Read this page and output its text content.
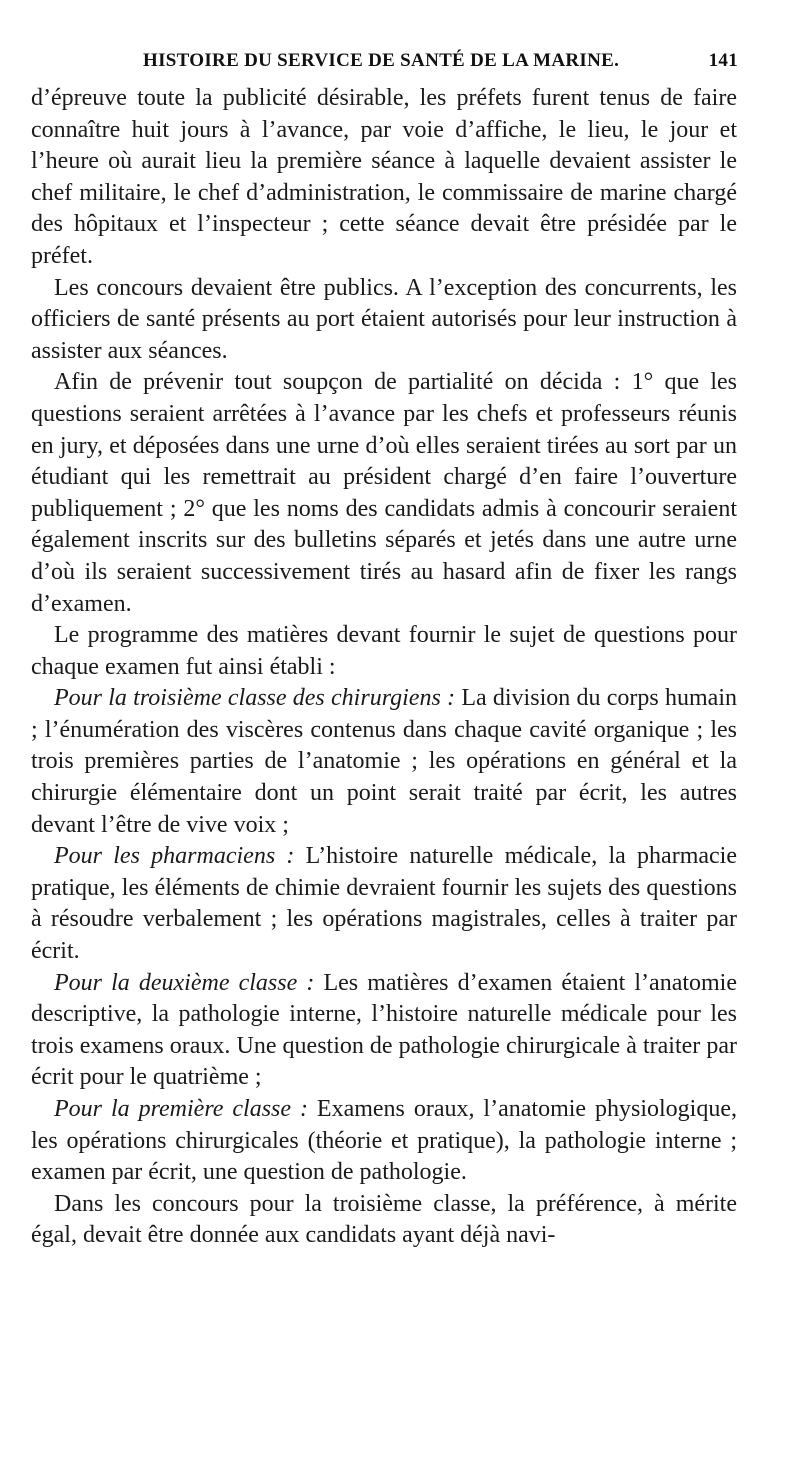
HISTOIRE DU SERVICE DE SANTÉ DE LA MARINE.	141

d’épreuve toute la publicité désirable, les préfets furent tenus de faire connaître huit jours à l’avance, par voie d’affiche, le lieu, le jour et l’heure où aurait lieu la première séance à laquelle devaient assister le chef militaire, le chef d’administration, le commissaire de marine chargé des hôpitaux et l’inspecteur ; cette séance devait être présidée par le préfet.

Les concours devaient être publics. A l’exception des concurrents, les officiers de santé présents au port étaient autorisés pour leur instruction à assister aux séances.

Afin de prévenir tout soupçon de partialité on décida : 1° que les questions seraient arrêtées à l’avance par les chefs et professeurs réunis en jury, et déposées dans une urne d’où elles seraient tirées au sort par un étudiant qui les remettrait au président chargé d’en faire l’ouverture publiquement ; 2° que les noms des candidats admis à concourir seraient également inscrits sur des bulletins séparés et jetés dans une autre urne d’où ils seraient successivement tirés au hasard afin de fixer les rangs d’examen.

Le programme des matières devant fournir le sujet de questions pour chaque examen fut ainsi établi :

Pour la troisième classe des chirurgiens : La division du corps humain ; l’énumération des viscères contenus dans chaque cavité organique ; les trois premières parties de l’anatomie ; les opérations en général et la chirurgie élémentaire dont un point serait traité par écrit, les autres devant l’être de vive voix ;

Pour les pharmaciens : L’histoire naturelle médicale, la pharmacie pratique, les éléments de chimie devraient fournir les sujets des questions à résoudre verbalement ; les opérations magistrales, celles à traiter par écrit.

Pour la deuxième classe : Les matières d’examen étaient l’anatomie descriptive, la pathologie interne, l’histoire naturelle médicale pour les trois examens oraux. Une question de pathologie chirurgicale à traiter par écrit pour le quatrième ;

Pour la première classe : Examens oraux, l’anatomie physiologique, les opérations chirurgicales (théorie et pratique), la pathologie interne ; examen par écrit, une question de pathologie.

Dans les concours pour la troisième classe, la préférence, à mérite égal, devait être donnée aux candidats ayant déjà navi-
